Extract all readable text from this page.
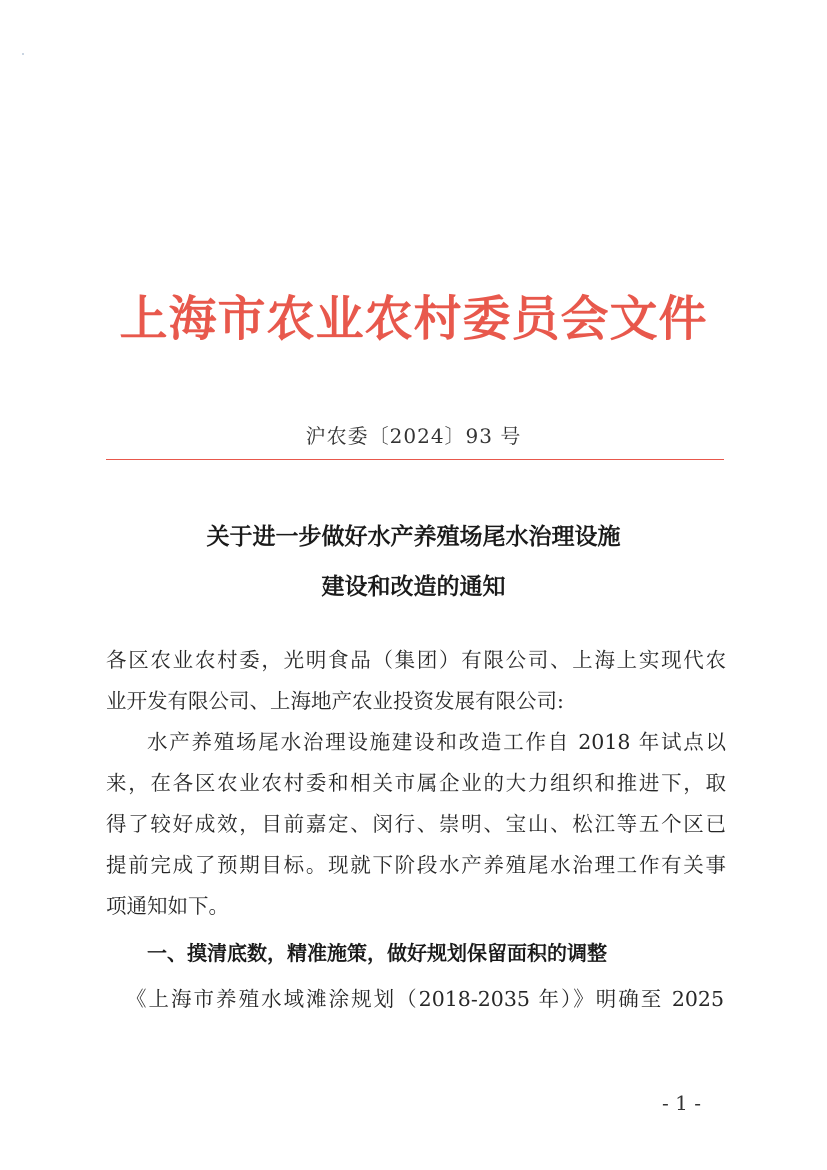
上海市农业农村委员会文件
沪农委〔2024〕93 号
关于进一步做好水产养殖场尾水治理设施
建设和改造的通知
各区农业农村委，光明食品（集团）有限公司、上海上实现代农
业开发有限公司、上海地产农业投资发展有限公司:
水产养殖场尾水治理设施建设和改造工作自 2018 年试点以
来，在各区农业农村委和相关市属企业的大力组织和推进下，取
得了较好成效，目前嘉定、闵行、崇明、宝山、松江等五个区已
提前完成了预期目标。现就下阶段水产养殖尾水治理工作有关事
项通知如下。
一、摸清底数，精准施策，做好规划保留面积的调整
《上海市养殖水域滩涂规划（2018-2035 年）》明确至 2025
- 1 -
